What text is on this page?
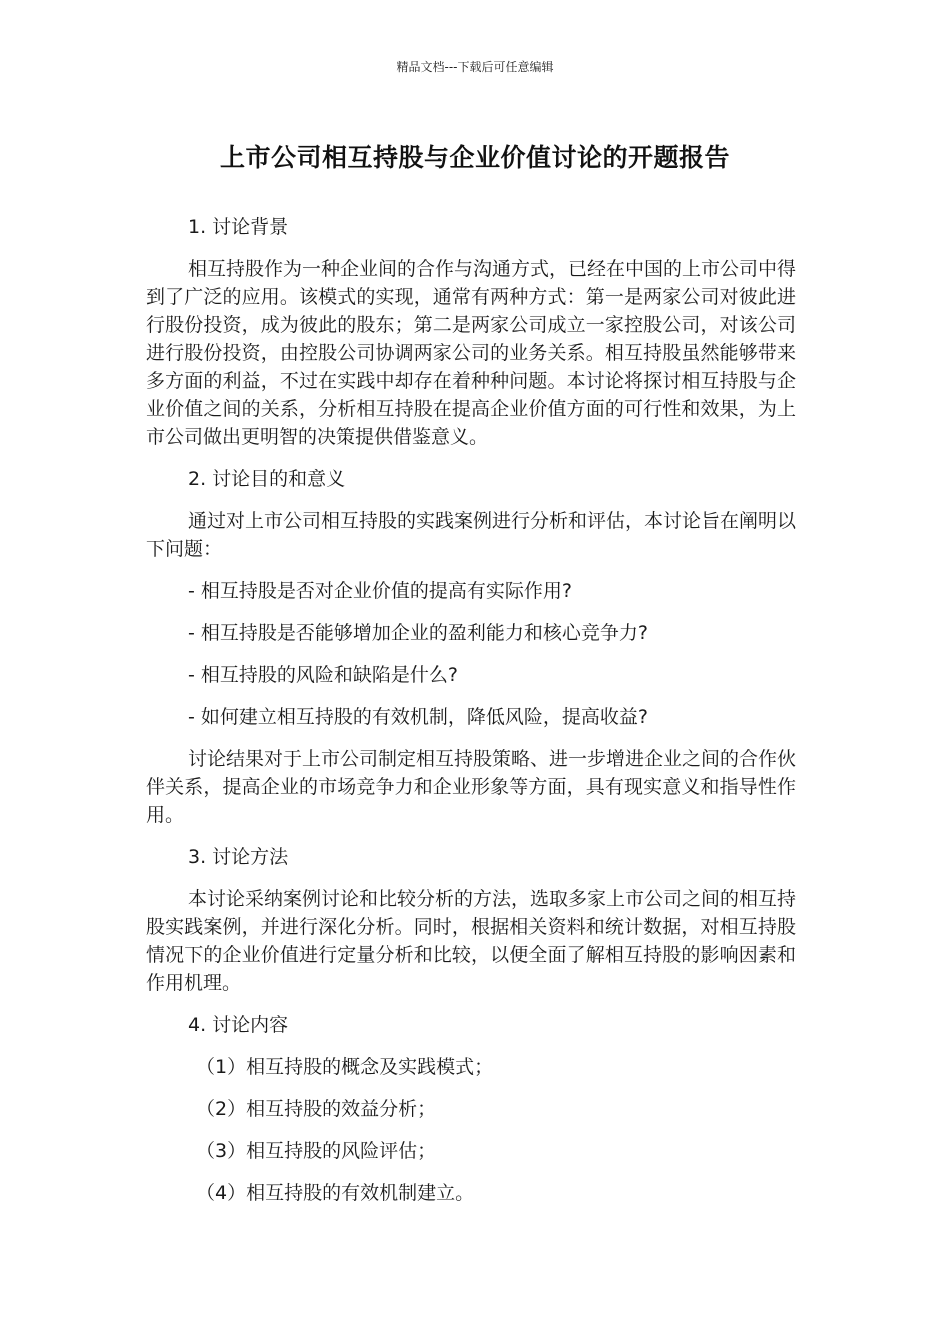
精品文档---下载后可任意编辑
上市公司相互持股与企业价值讨论的开题报告

1. 讨论背景

相互持股作为一种企业间的合作与沟通方式，已经在中国的上市公司中得到了广泛的应用。该模式的实现，通常有两种方式：第一是两家公司对彼此进行股份投资，成为彼此的股东；第二是两家公司成立一家控股公司，对该公司进行股份投资，由控股公司协调两家公司的业务关系。相互持股虽然能够带来多方面的利益，不过在实践中却存在着种种问题。本讨论将探讨相互持股与企业价值之间的关系，分析相互持股在提高企业价值方面的可行性和效果，为上市公司做出更明智的决策提供借鉴意义。

2. 讨论目的和意义

通过对上市公司相互持股的实践案例进行分析和评估，本讨论旨在阐明以下问题：

- 相互持股是否对企业价值的提高有实际作用?

- 相互持股是否能够增加企业的盈利能力和核心竞争力?

- 相互持股的风险和缺陷是什么?

- 如何建立相互持股的有效机制，降低风险，提高收益?

讨论结果对于上市公司制定相互持股策略、进一步增进企业之间的合作伙伴关系，提高企业的市场竞争力和企业形象等方面，具有现实意义和指导性作用。

3. 讨论方法

本讨论采纳案例讨论和比较分析的方法，选取多家上市公司之间的相互持股实践案例，并进行深化分析。同时，根据相关资料和统计数据，对相互持股情况下的企业价值进行定量分析和比较，以便全面了解相互持股的影响因素和作用机理。

4. 讨论内容

（1）相互持股的概念及实践模式；

（2）相互持股的效益分析；

（3）相互持股的风险评估；

（4）相互持股的有效机制建立。
